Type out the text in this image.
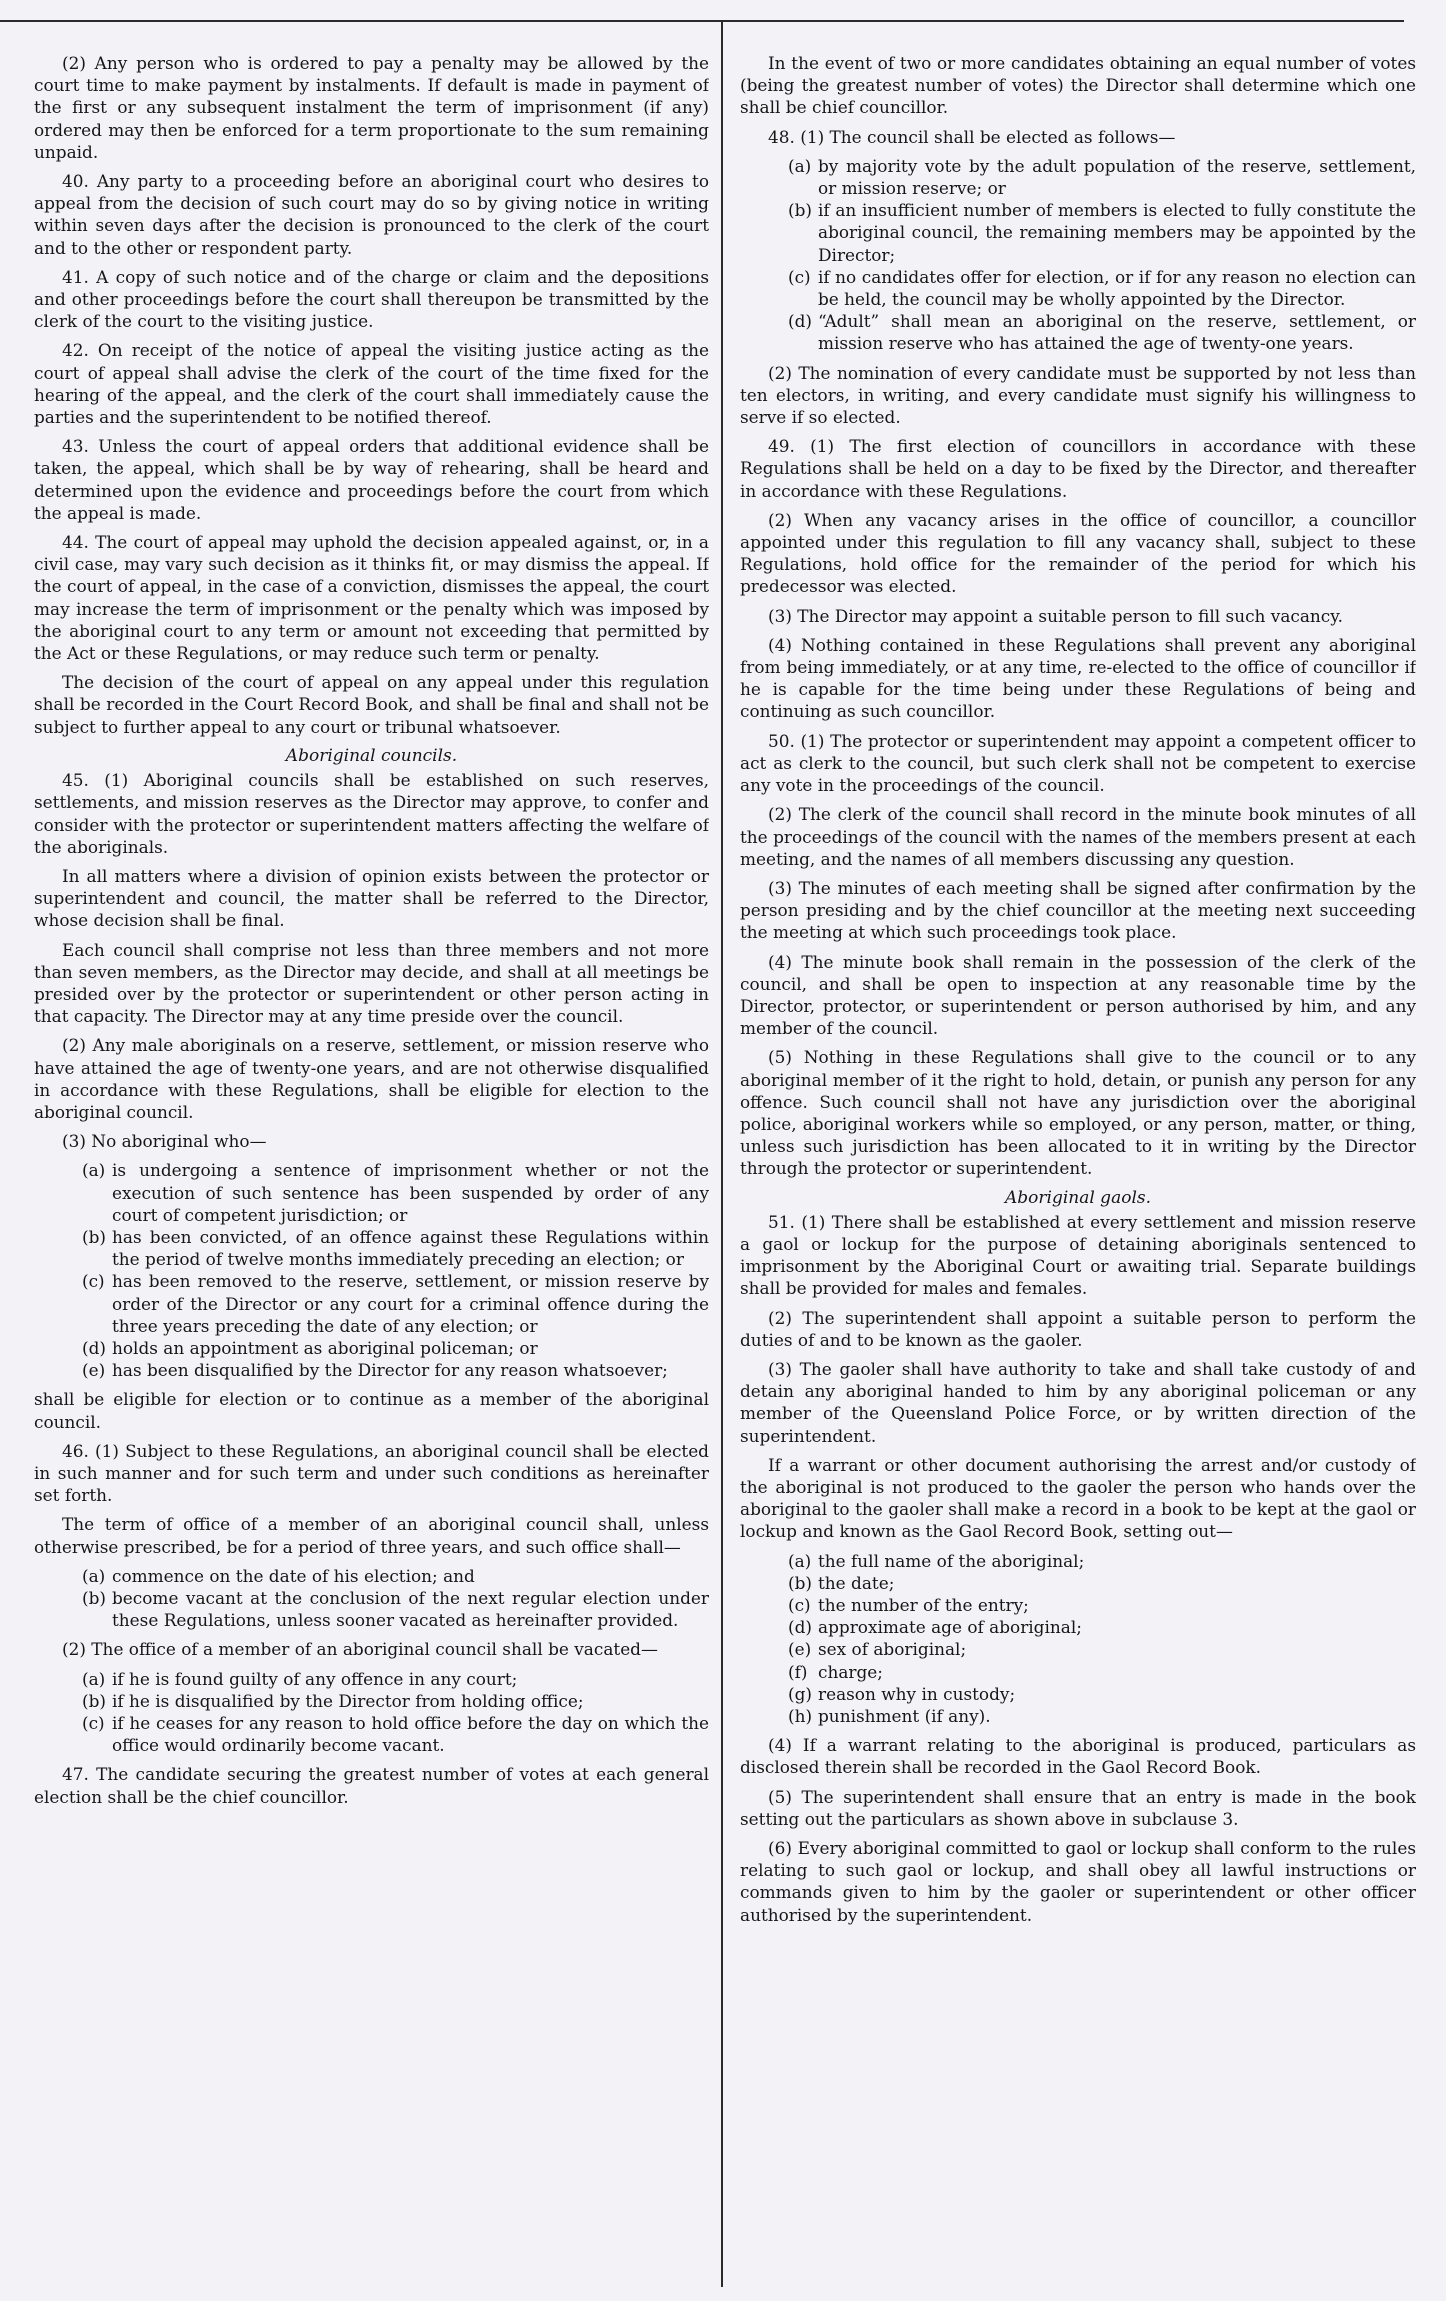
(2) Any person who is ordered to pay a penalty may be allowed by the court time to make payment by instalments. If default is made in payment of the first or any subsequent instalment the term of imprisonment (if any) ordered may then be enforced for a term proportionate to the sum remaining unpaid.

40. Any party to a proceeding before an aboriginal court who desires to appeal from the decision of such court may do so by giving notice in writing within seven days after the decision is pronounced to the clerk of the court and to the other or respondent party.

41. A copy of such notice and of the charge or claim and the depositions and other proceedings before the court shall thereupon be transmitted by the clerk of the court to the visiting justice.

42. On receipt of the notice of appeal the visiting justice acting as the court of appeal shall advise the clerk of the court of the time fixed for the hearing of the appeal, and the clerk of the court shall immediately cause the parties and the superintendent to be notified thereof.

43. Unless the court of appeal orders that additional evidence shall be taken, the appeal, which shall be by way of rehearing, shall be heard and determined upon the evidence and proceedings before the court from which the appeal is made.

44. The court of appeal may uphold the decision appealed against, or, in a civil case, may vary such decision as it thinks fit, or may dismiss the appeal. If the court of appeal, in the case of a conviction, dismisses the appeal, the court may increase the term of imprisonment or the penalty which was imposed by the aboriginal court to any term or amount not exceeding that permitted by the Act or these Regulations, or may reduce such term or penalty.

The decision of the court of appeal on any appeal under this regulation shall be recorded in the Court Record Book, and shall be final and shall not be subject to further appeal to any court or tribunal whatsoever.

Aboriginal councils.

45. (1) Aboriginal councils shall be established on such reserves, settlements, and mission reserves as the Director may approve, to confer and consider with the protector or superintendent matters affecting the welfare of the aboriginals.

In all matters where a division of opinion exists between the protector or superintendent and council, the matter shall be referred to the Director, whose decision shall be final.

Each council shall comprise not less than three members and not more than seven members, as the Director may decide, and shall at all meetings be presided over by the protector or superintendent or other person acting in that capacity. The Director may at any time preside over the council.

(2) Any male aboriginals on a reserve, settlement, or mission reserve who have attained the age of twenty-one years, and are not otherwise disqualified in accordance with these Regulations, shall be eligible for election to the aboriginal council.

(3) No aboriginal who—

(a) is undergoing a sentence of imprisonment whether or not the execution of such sentence has been suspended by order of any court of competent jurisdiction; or
(b) has been convicted, of an offence against these Regulations within the period of twelve months immediately preceding an election; or
(c) has been removed to the reserve, settlement, or mission reserve by order of the Director or any court for a criminal offence during the three years preceding the date of any election; or
(d) holds an appointment as aboriginal policeman; or
(e) has been disqualified by the Director for any reason whatsoever;

shall be eligible for election or to continue as a member of the aboriginal council.

46. (1) Subject to these Regulations, an aboriginal council shall be elected in such manner and for such term and under such conditions as hereinafter set forth.

The term of office of a member of an aboriginal council shall, unless otherwise prescribed, be for a period of three years, and such office shall—

(a) commence on the date of his election; and
(b) become vacant at the conclusion of the next regular election under these Regulations, unless sooner vacated as hereinafter provided.

(2) The office of a member of an aboriginal council shall be vacated—

(a) if he is found guilty of any offence in any court;
(b) if he is disqualified by the Director from holding office;
(c) if he ceases for any reason to hold office before the day on which the office would ordinarily become vacant.

47. The candidate securing the greatest number of votes at each general election shall be the chief councillor.

In the event of two or more candidates obtaining an equal number of votes (being the greatest number of votes) the Director shall determine which one shall be chief councillor.

48. (1) The council shall be elected as follows—

(a) by majority vote by the adult population of the reserve, settlement, or mission reserve; or
(b) if an insufficient number of members is elected to fully constitute the aboriginal council, the remaining members may be appointed by the Director;
(c) if no candidates offer for election, or if for any reason no election can be held, the council may be wholly appointed by the Director.
(d) “Adult” shall mean an aboriginal on the reserve, settlement, or mission reserve who has attained the age of twenty-one years.

(2) The nomination of every candidate must be supported by not less than ten electors, in writing, and every candidate must signify his willingness to serve if so elected.

49. (1) The first election of councillors in accordance with these Regulations shall be held on a day to be fixed by the Director, and thereafter in accordance with these Regulations.

(2) When any vacancy arises in the office of councillor, a councillor appointed under this regulation to fill any vacancy shall, subject to these Regulations, hold office for the remainder of the period for which his predecessor was elected.

(3) The Director may appoint a suitable person to fill such vacancy.

(4) Nothing contained in these Regulations shall prevent any aboriginal from being immediately, or at any time, re-elected to the office of councillor if he is capable for the time being under these Regulations of being and continuing as such councillor.

50. (1) The protector or superintendent may appoint a competent officer to act as clerk to the council, but such clerk shall not be competent to exercise any vote in the proceedings of the council.

(2) The clerk of the council shall record in the minute book minutes of all the proceedings of the council with the names of the members present at each meeting, and the names of all members discussing any question.

(3) The minutes of each meeting shall be signed after confirmation by the person presiding and by the chief councillor at the meeting next succeeding the meeting at which such proceedings took place.

(4) The minute book shall remain in the possession of the clerk of the council, and shall be open to inspection at any reasonable time by the Director, protector, or superintendent or person authorised by him, and any member of the council.

(5) Nothing in these Regulations shall give to the council or to any aboriginal member of it the right to hold, detain, or punish any person for any offence. Such council shall not have any jurisdiction over the aboriginal police, aboriginal workers while so employed, or any person, matter, or thing, unless such jurisdiction has been allocated to it in writing by the Director through the protector or superintendent.

Aboriginal gaols.

51. (1) There shall be established at every settlement and mission reserve a gaol or lockup for the purpose of detaining aboriginals sentenced to imprisonment by the Aboriginal Court or awaiting trial. Separate buildings shall be provided for males and females.

(2) The superintendent shall appoint a suitable person to perform the duties of and to be known as the gaoler.

(3) The gaoler shall have authority to take and shall take custody of and detain any aboriginal handed to him by any aboriginal policeman or any member of the Queensland Police Force, or by written direction of the superintendent.

If a warrant or other document authorising the arrest and/or custody of the aboriginal is not produced to the gaoler the person who hands over the aboriginal to the gaoler shall make a record in a book to be kept at the gaol or lockup and known as the Gaol Record Book, setting out—

(a) the full name of the aboriginal;
(b) the date;
(c) the number of the entry;
(d) approximate age of aboriginal;
(e) sex of aboriginal;
(f) charge;
(g) reason why in custody;
(h) punishment (if any).

(4) If a warrant relating to the aboriginal is produced, particulars as disclosed therein shall be recorded in the Gaol Record Book.

(5) The superintendent shall ensure that an entry is made in the book setting out the particulars as shown above in subclause 3.

(6) Every aboriginal committed to gaol or lockup shall conform to the rules relating to such gaol or lockup, and shall obey all lawful instructions or commands given to him by the gaoler or superintendent or other officer authorised by the superintendent.
